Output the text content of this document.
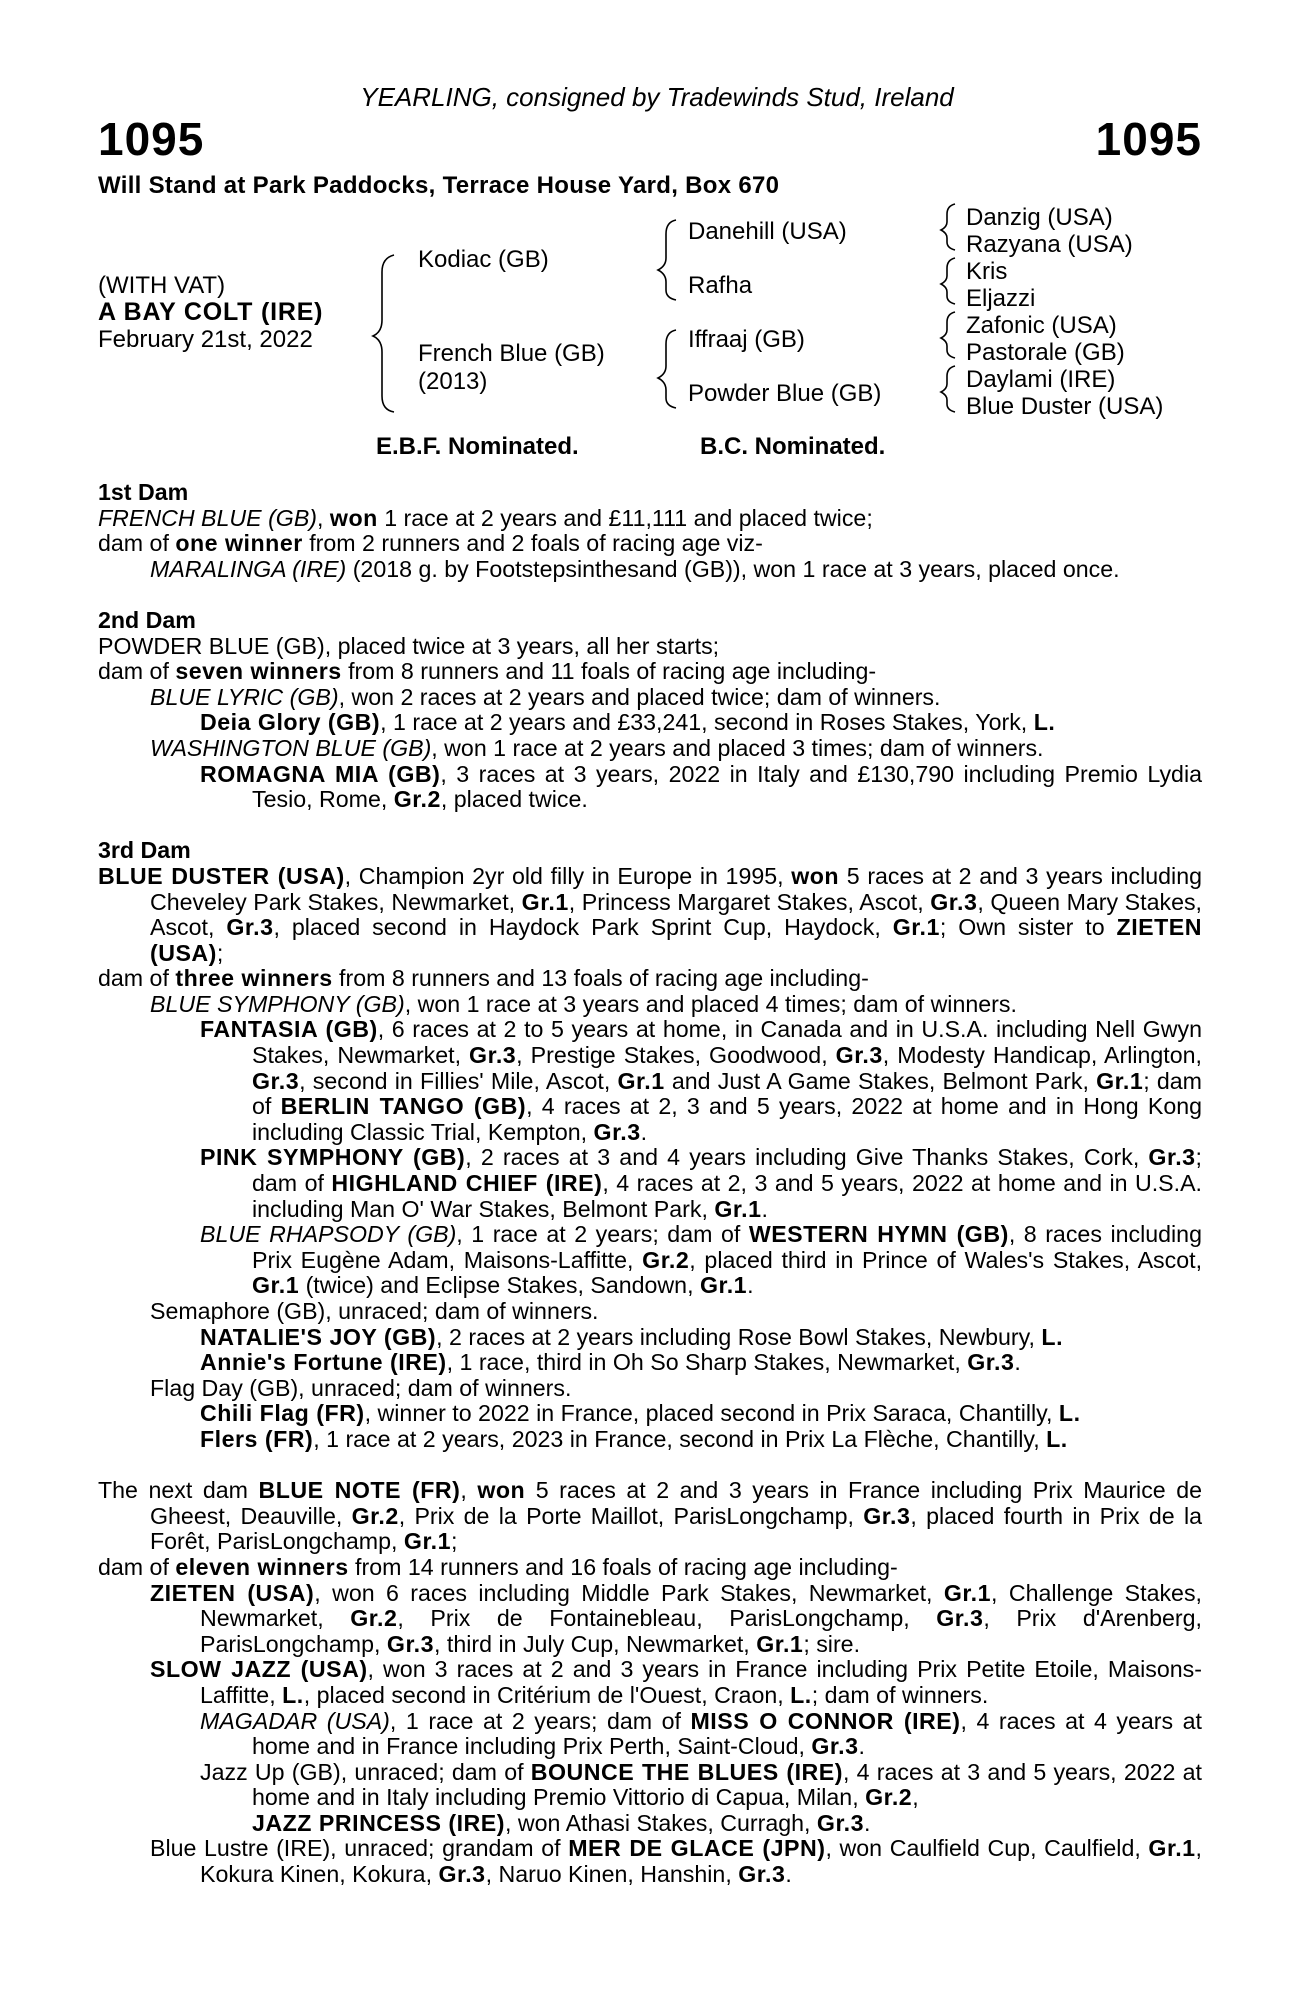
YEARLING, consigned by Tradewinds Stud, Ireland
1095	1095
Will Stand at Park Paddocks, Terrace House Yard, Box 670
(WITH VAT)
A BAY COLT (IRE)
February 21st, 2022
Kodiac (GB)
French Blue (GB)
(2013)
Danehill (USA)
Rafha
Iffraaj (GB)
Powder Blue (GB)
Danzig (USA)
Razyana (USA)
Kris
Eljazzi
Zafonic (USA)
Pastorale (GB)
Daylami (IRE)
Blue Duster (USA)
E.B.F. Nominated.	B.C. Nominated.

1st Dam

FRENCH BLUE (GB), won 1 race at 2 years and £11,111 and placed twice;

dam of one winner from 2 runners and 2 foals of racing age viz-

MARALINGA (IRE) (2018 g. by Footstepsinthesand (GB)), won 1 race at 3 years, placed once.

2nd Dam

POWDER BLUE (GB), placed twice at 3 years, all her starts;

dam of seven winners from 8 runners and 11 foals of racing age including-

BLUE LYRIC (GB), won 2 races at 2 years and placed twice; dam of winners.

Deia Glory (GB), 1 race at 2 years and £33,241, second in Roses Stakes, York, L.

WASHINGTON BLUE (GB), won 1 race at 2 years and placed 3 times; dam of winners.

ROMAGNA MIA (GB), 3 races at 3 years, 2022 in Italy and £130,790 including Premio Lydia Tesio, Rome, Gr.2, placed twice.

3rd Dam

BLUE DUSTER (USA), Champion 2yr old filly in Europe in 1995, won 5 races at 2 and 3 years including Cheveley Park Stakes, Newmarket, Gr.1, Princess Margaret Stakes, Ascot, Gr.3, Queen Mary Stakes, Ascot, Gr.3, placed second in Haydock Park Sprint Cup, Haydock, Gr.1; Own sister to ZIETEN (USA);

dam of three winners from 8 runners and 13 foals of racing age including-

BLUE SYMPHONY (GB), won 1 race at 3 years and placed 4 times; dam of winners.

FANTASIA (GB), 6 races at 2 to 5 years at home, in Canada and in U.S.A. including Nell Gwyn Stakes, Newmarket, Gr.3, Prestige Stakes, Goodwood, Gr.3, Modesty Handicap, Arlington, Gr.3, second in Fillies' Mile, Ascot, Gr.1 and Just A Game Stakes, Belmont Park, Gr.1; dam of BERLIN TANGO (GB), 4 races at 2, 3 and 5 years, 2022 at home and in Hong Kong including Classic Trial, Kempton, Gr.3.

PINK SYMPHONY (GB), 2 races at 3 and 4 years including Give Thanks Stakes, Cork, Gr.3; dam of HIGHLAND CHIEF (IRE), 4 races at 2, 3 and 5 years, 2022 at home and in U.S.A. including Man O' War Stakes, Belmont Park, Gr.1.

BLUE RHAPSODY (GB), 1 race at 2 years; dam of WESTERN HYMN (GB), 8 races including Prix Eugène Adam, Maisons-Laffitte, Gr.2, placed third in Prince of Wales's Stakes, Ascot, Gr.1 (twice) and Eclipse Stakes, Sandown, Gr.1.

Semaphore (GB), unraced; dam of winners.

NATALIE'S JOY (GB), 2 races at 2 years including Rose Bowl Stakes, Newbury, L.

Annie's Fortune (IRE), 1 race, third in Oh So Sharp Stakes, Newmarket, Gr.3.

Flag Day (GB), unraced; dam of winners.

Chili Flag (FR), winner to 2022 in France, placed second in Prix Saraca, Chantilly, L.

Flers (FR), 1 race at 2 years, 2023 in France, second in Prix La Flèche, Chantilly, L.

The next dam BLUE NOTE (FR), won 5 races at 2 and 3 years in France including Prix Maurice de Gheest, Deauville, Gr.2, Prix de la Porte Maillot, ParisLongchamp, Gr.3, placed fourth in Prix de la Forêt, ParisLongchamp, Gr.1;

dam of eleven winners from 14 runners and 16 foals of racing age including-

ZIETEN (USA), won 6 races including Middle Park Stakes, Newmarket, Gr.1, Challenge Stakes, Newmarket, Gr.2, Prix de Fontainebleau, ParisLongchamp, Gr.3, Prix d'Arenberg, ParisLongchamp, Gr.3, third in July Cup, Newmarket, Gr.1; sire.

SLOW JAZZ (USA), won 3 races at 2 and 3 years in France including Prix Petite Etoile, Maisons-Laffitte, L., placed second in Critérium de l'Ouest, Craon, L.; dam of winners.

MAGADAR (USA), 1 race at 2 years; dam of MISS O CONNOR (IRE), 4 races at 4 years at home and in France including Prix Perth, Saint-Cloud, Gr.3.

Jazz Up (GB), unraced; dam of BOUNCE THE BLUES (IRE), 4 races at 3 and 5 years, 2022 at home and in Italy including Premio Vittorio di Capua, Milan, Gr.2,

JAZZ PRINCESS (IRE), won Athasi Stakes, Curragh, Gr.3.

Blue Lustre (IRE), unraced; grandam of MER DE GLACE (JPN), won Caulfield Cup, Caulfield, Gr.1, Kokura Kinen, Kokura, Gr.3, Naruo Kinen, Hanshin, Gr.3.
